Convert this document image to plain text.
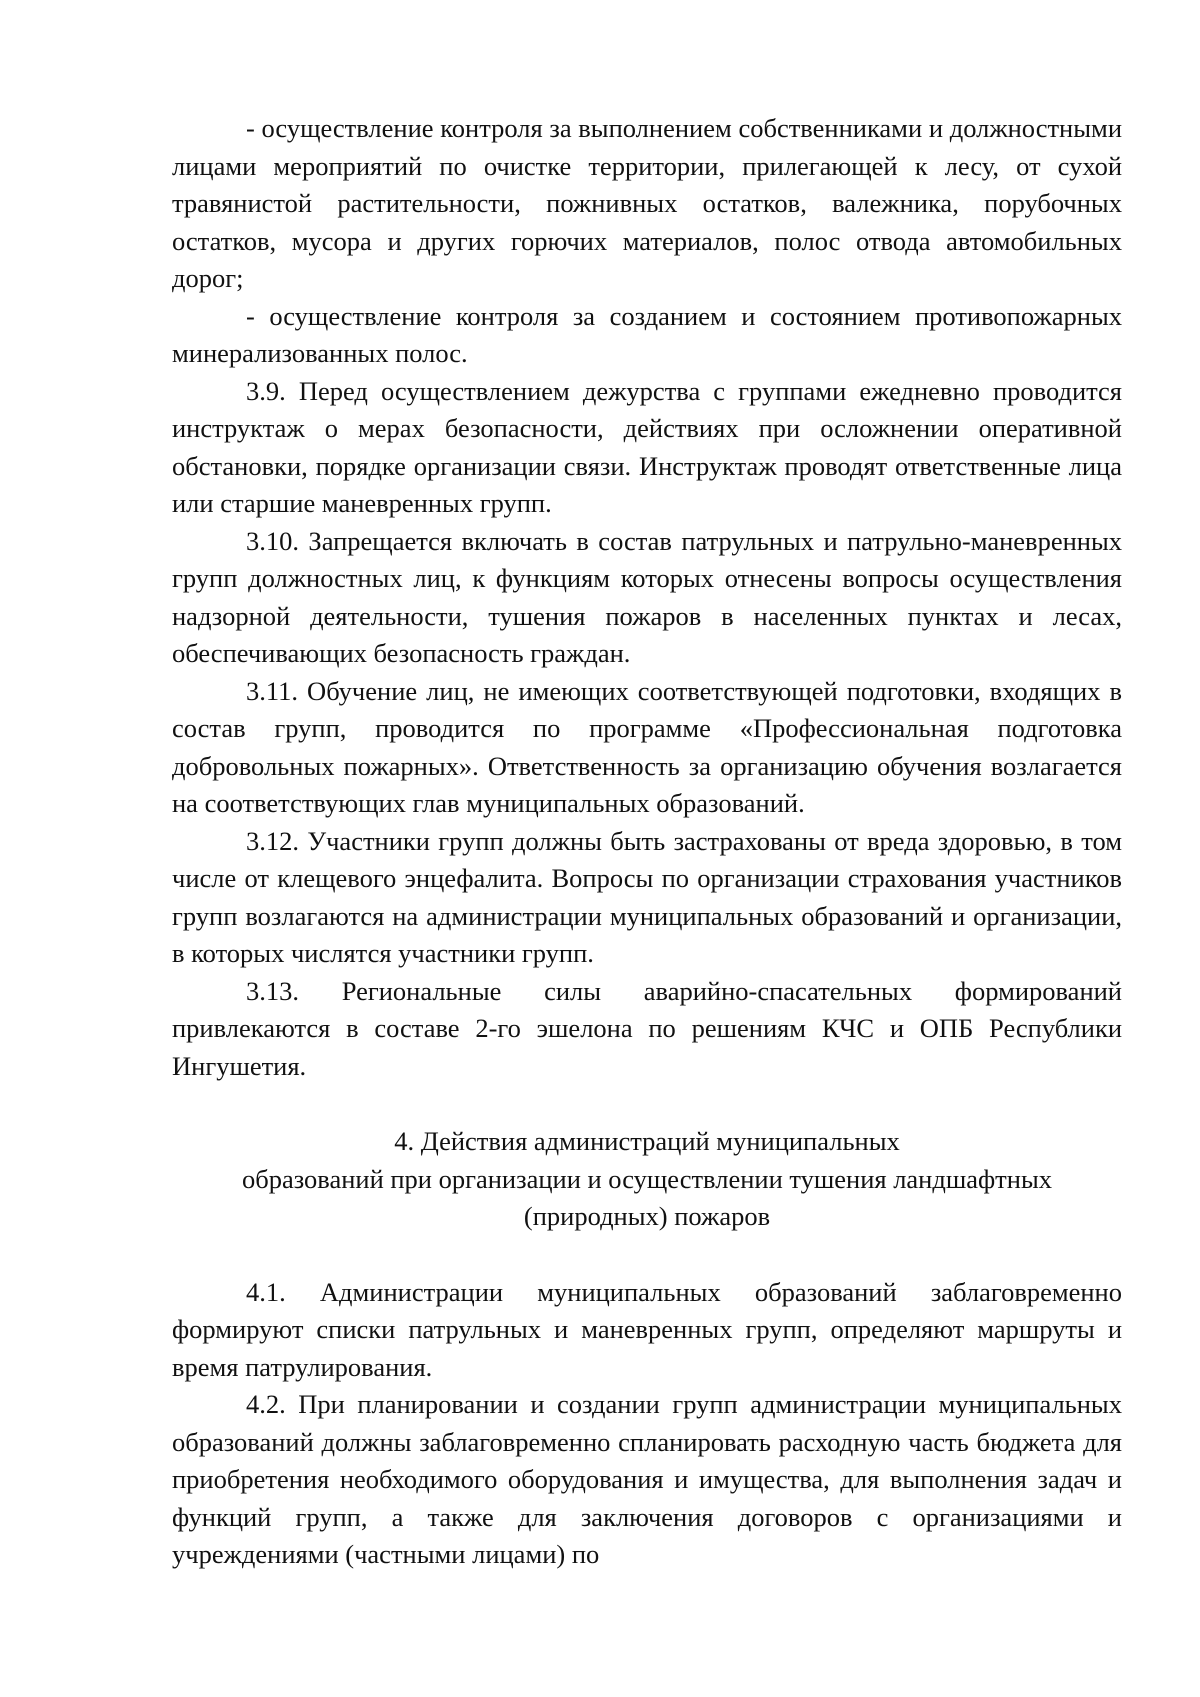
- осуществление контроля за выполнением собственниками и должностными лицами мероприятий по очистке территории, прилегающей к лесу, от сухой травянистой растительности, пожнивных остатков, валежника, порубочных остатков, мусора и других горючих материалов, полос отвода автомобильных дорог;

- осуществление контроля за созданием и состоянием противопожарных минерализованных полос.

3.9. Перед осуществлением дежурства с группами ежедневно проводится инструктаж о мерах безопасности, действиях при осложнении оперативной обстановки, порядке организации связи. Инструктаж проводят ответственные лица или старшие маневренных групп.

3.10. Запрещается включать в состав патрульных и патрульно-маневренных групп должностных лиц, к функциям которых отнесены вопросы осуществления надзорной деятельности, тушения пожаров в населенных пунктах и лесах, обеспечивающих безопасность граждан.

3.11. Обучение лиц, не имеющих соответствующей подготовки, входящих в состав групп, проводится по программе «Профессиональная подготовка добровольных пожарных». Ответственность за организацию обучения возлагается на соответствующих глав муниципальных образований.

3.12. Участники групп должны быть застрахованы от вреда здоровью, в том числе от клещевого энцефалита. Вопросы по организации страхования участников групп возлагаются на администрации муниципальных образований и организации, в которых числятся участники групп.

3.13. Региональные силы аварийно-спасательных формирований привлекаются в составе 2-го эшелона по решениям КЧС и ОПБ Республики Ингушетия.

4. Действия администраций муниципальных
образований при организации и осуществлении тушения ландшафтных
(природных) пожаров

4.1. Администрации муниципальных образований заблаговременно формируют списки патрульных и маневренных групп, определяют маршруты и время патрулирования.

4.2. При планировании и создании групп администрации муниципальных образований должны заблаговременно спланировать расходную часть бюджета для приобретения необходимого оборудования и имущества, для выполнения задач и функций групп, а также для заключения договоров с организациями и учреждениями (частными лицами) по
